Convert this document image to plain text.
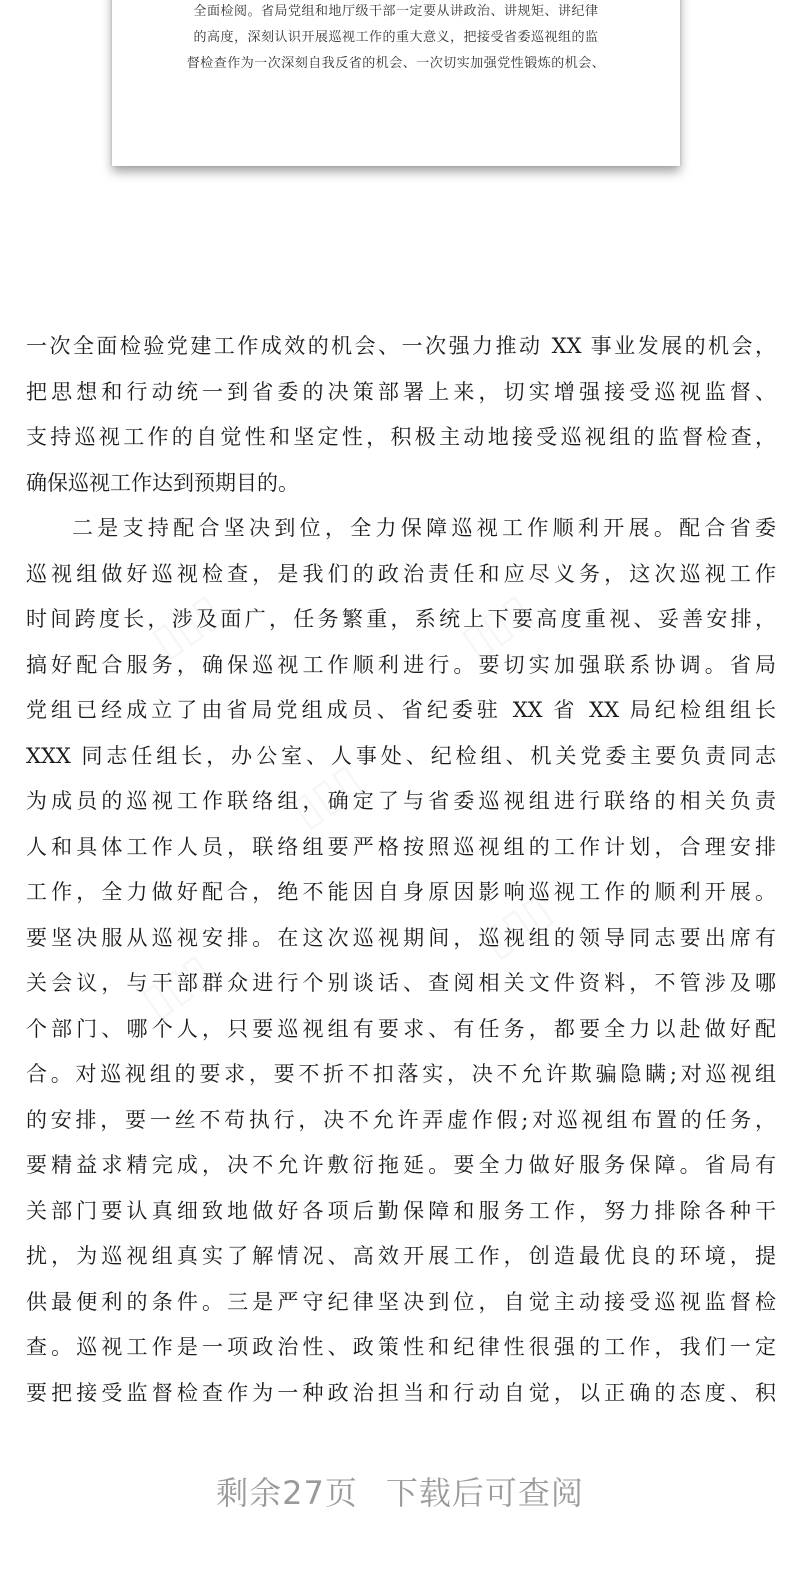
全面检阅。省局党组和地厅级干部一定要从讲政治、讲规矩、讲纪律
的高度，深刻认识开展巡视工作的重大意义，把接受省委巡视组的监
督检查作为一次深刻自我反省的机会、一次切实加强党性锻炼的机会、
一次全面检验党建工作成效的机会、一次强力推动 XX 事业发展的机会，
把思想和行动统一到省委的决策部署上来，切实增强接受巡视监督、
支持巡视工作的自觉性和坚定性，积极主动地接受巡视组的监督检查，
确保巡视工作达到预期目的。
二是支持配合坚决到位，全力保障巡视工作顺利开展。配合省委
巡视组做好巡视检查，是我们的政治责任和应尽义务，这次巡视工作
时间跨度长，涉及面广，任务繁重，系统上下要高度重视、妥善安排，
搞好配合服务，确保巡视工作顺利进行。要切实加强联系协调。省局
党组已经成立了由省局党组成员、省纪委驻 XX 省 XX 局纪检组组长
XXX 同志任组长，办公室、人事处、纪检组、机关党委主要负责同志
为成员的巡视工作联络组，确定了与省委巡视组进行联络的相关负责
人和具体工作人员，联络组要严格按照巡视组的工作计划，合理安排
工作，全力做好配合，绝不能因自身原因影响巡视工作的顺利开展。
要坚决服从巡视安排。在这次巡视期间，巡视组的领导同志要出席有
关会议，与干部群众进行个别谈话、查阅相关文件资料，不管涉及哪
个部门、哪个人，只要巡视组有要求、有任务，都要全力以赴做好配
合。对巡视组的要求，要不折不扣落实，决不允许欺骗隐瞒;对巡视组
的安排，要一丝不苟执行，决不允许弄虚作假;对巡视组布置的任务，
要精益求精完成，决不允许敷衍拖延。要全力做好服务保障。省局有
关部门要认真细致地做好各项后勤保障和服务工作，努力排除各种干
扰，为巡视组真实了解情况、高效开展工作，创造最优良的环境，提
供最便利的条件。三是严守纪律坚决到位，自觉主动接受巡视监督检
查。巡视工作是一项政治性、政策性和纪律性很强的工作，我们一定
要把接受监督检查作为一种政治担当和行动自觉，以正确的态度、积
剩余27页 下载后可查阅
